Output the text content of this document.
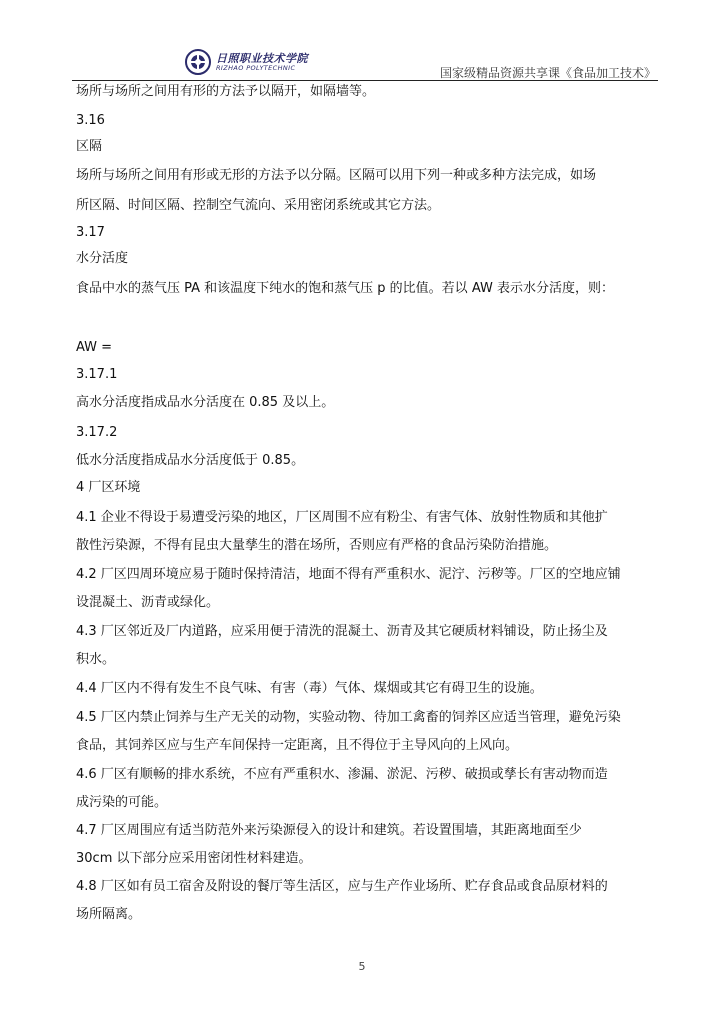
日照职业技术学院
RIZHAO POLYTECHNIC	国家级精品资源共享课《食品加工技术》
场所与场所之间用有形的方法予以隔开，如隔墙等。
3.16
区隔
场所与场所之间用有形或无形的方法予以分隔。区隔可以用下列一种或多种方法完成，如场
所区隔、时间区隔、控制空气流向、采用密闭系统或其它方法。
3.17
水分活度
食品中水的蒸气压 PA 和该温度下纯水的饱和蒸气压 p 的比值。若以 AW 表示水分活度，则：
AW =
3.17.1
高水分活度指成品水分活度在 0.85 及以上。
3.17.2
低水分活度指成品水分活度低于 0.85。
4 厂区环境
4.1 企业不得设于易遭受污染的地区，厂区周围不应有粉尘、有害气体、放射性物质和其他扩
散性污染源，不得有昆虫大量孳生的潜在场所，否则应有严格的食品污染防治措施。
4.2 厂区四周环境应易于随时保持清洁，地面不得有严重积水、泥泞、污秽等。厂区的空地应铺
设混凝土、沥青或绿化。
4.3 厂区邻近及厂内道路，应采用便于清洗的混凝土、沥青及其它硬质材料铺设，防止扬尘及
积水。
4.4 厂区内不得有发生不良气味、有害（毒）气体、煤烟或其它有碍卫生的设施。
4.5 厂区内禁止饲养与生产无关的动物，实验动物、待加工禽畜的饲养区应适当管理，避免污染
食品，其饲养区应与生产车间保持一定距离，且不得位于主导风向的上风向。
4.6 厂区有顺畅的排水系统，不应有严重积水、渗漏、淤泥、污秽、破损或孳长有害动物而造
成污染的可能。
4.7 厂区周围应有适当防范外来污染源侵入的设计和建筑。若设置围墙，其距离地面至少
30cm 以下部分应采用密闭性材料建造。
4.8 厂区如有员工宿舍及附设的餐厅等生活区，应与生产作业场所、贮存食品或食品原材料的
场所隔离。
5
